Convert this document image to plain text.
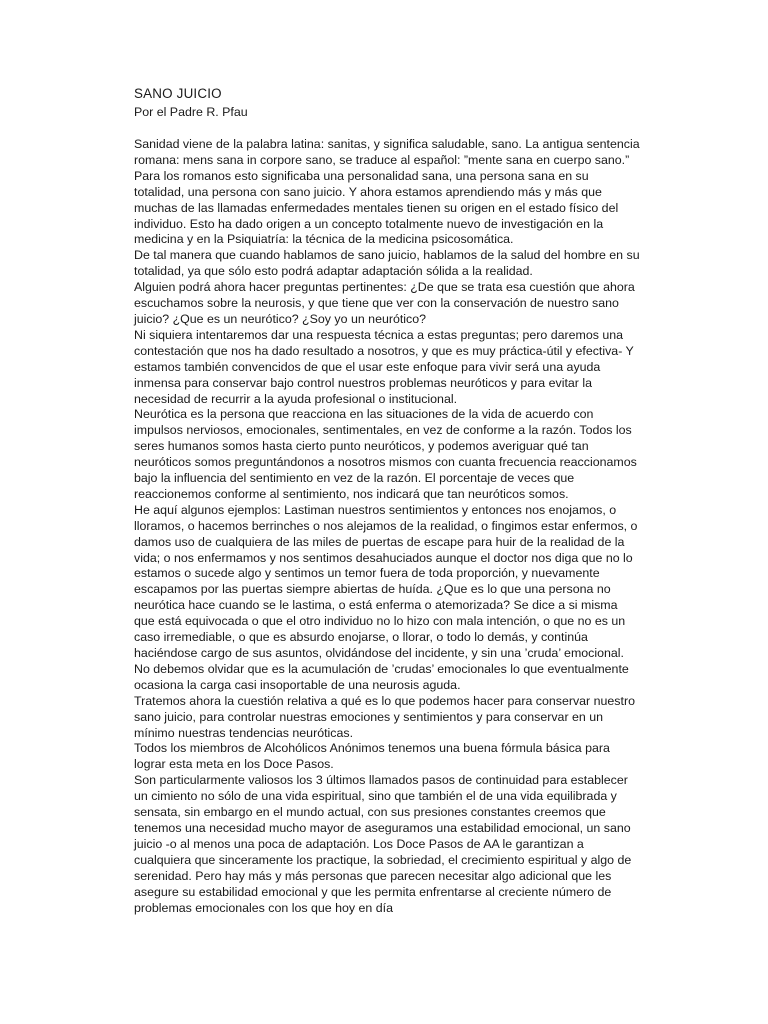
SANO JUICIO

Por el Padre R. Pfau

Sanidad viene de la palabra latina: sanitas, y significa saludable, sano. La antigua sentencia romana: mens sana in corpore sano, se traduce al español: ”mente sana en cuerpo sano.” Para los romanos esto significaba una personalidad sana, una persona sana en su totalidad, una persona con sano juicio. Y ahora estamos aprendiendo más y más que muchas de las llamadas enfermedades mentales tienen su origen en el estado físico del individuo. Esto ha dado origen a un concepto totalmente nuevo de investigación en la medicina y en la Psiquiatría: la técnica de la medicina psicosomática.

De tal manera que cuando hablamos de sano juicio, hablamos de la salud del hombre en su totalidad, ya que sólo esto podrá adaptar adaptación sólida a la realidad.

Alguien podrá ahora hacer preguntas pertinentes: ¿De que se trata esa cuestión que ahora escuchamos sobre la neurosis, y que tiene que ver con la conservación de nuestro sano juicio? ¿Que es un neurótico? ¿Soy yo un neurótico?

Ni siquiera intentaremos dar una respuesta técnica a estas preguntas; pero daremos una contestación que nos ha dado resultado a nosotros, y que es muy práctica-útil y efectiva- Y estamos también convencidos de que el usar este enfoque para vivir será una ayuda inmensa para conservar bajo control nuestros problemas neuróticos y para evitar la necesidad de recurrir a la ayuda profesional o institucional.

Neurótica es la persona que reacciona en las situaciones de la vida de acuerdo con impulsos nerviosos, emocionales, sentimentales, en vez de conforme a la razón. Todos los seres humanos somos hasta cierto punto neuróticos, y podemos averiguar qué tan neuróticos somos preguntándonos a nosotros mismos con cuanta frecuencia reaccionamos bajo la influencia del sentimiento en vez de la razón. El porcentaje de veces que reaccionemos conforme al sentimiento, nos indicará que tan neuróticos somos.

He aquí algunos ejemplos: Lastiman nuestros sentimientos y entonces nos enojamos, o lloramos, o hacemos berrinches o nos alejamos de la realidad, o fingimos estar enfermos, o damos uso de cualquiera de las miles de puertas de escape para huir de la realidad de la vida; o nos enfermamos y nos sentimos desahuciados aunque el doctor nos diga que no lo estamos o sucede algo y sentimos un temor fuera de toda proporción, y nuevamente escapamos por las puertas siempre abiertas de huída. ¿Que es lo que una persona no neurótica hace cuando se le lastima, o está enferma o atemorizada? Se dice a si misma que está equivocada o que el otro individuo no lo hizo con mala intención, o que no es un caso irremediable, o que es absurdo enojarse, o llorar, o todo lo demás, y continúa haciéndose cargo de sus asuntos, olvidándose del incidente, y sin una ’cruda’ emocional. No debemos olvidar que es la acumulación de ’crudas’ emocionales lo que eventualmente ocasiona la carga casi insoportable de una neurosis aguda.

Tratemos ahora la cuestión relativa a qué es lo que podemos hacer para conservar nuestro sano juicio, para controlar nuestras emociones y sentimientos y para conservar en un mínimo nuestras tendencias neuróticas.

Todos los miembros de Alcohólicos Anónimos tenemos una buena fórmula básica para lograr esta meta en los Doce Pasos.

Son particularmente valiosos los 3 últimos llamados pasos de continuidad para establecer un cimiento no sólo de una vida espiritual, sino que también el de una vida equilibrada y sensata, sin embargo en el mundo actual, con sus presiones constantes creemos que tenemos una necesidad mucho mayor de aseguramos una estabilidad emocional, un sano juicio -o al menos una poca de adaptación. Los Doce Pasos de AA le garantizan a cualquiera que sinceramente los practique, la sobriedad, el crecimiento espiritual y algo de serenidad. Pero hay más y más personas que parecen necesitar algo adicional que les asegure su estabilidad emocional y que les permita enfrentarse al creciente número de problemas emocionales con los que hoy en día
